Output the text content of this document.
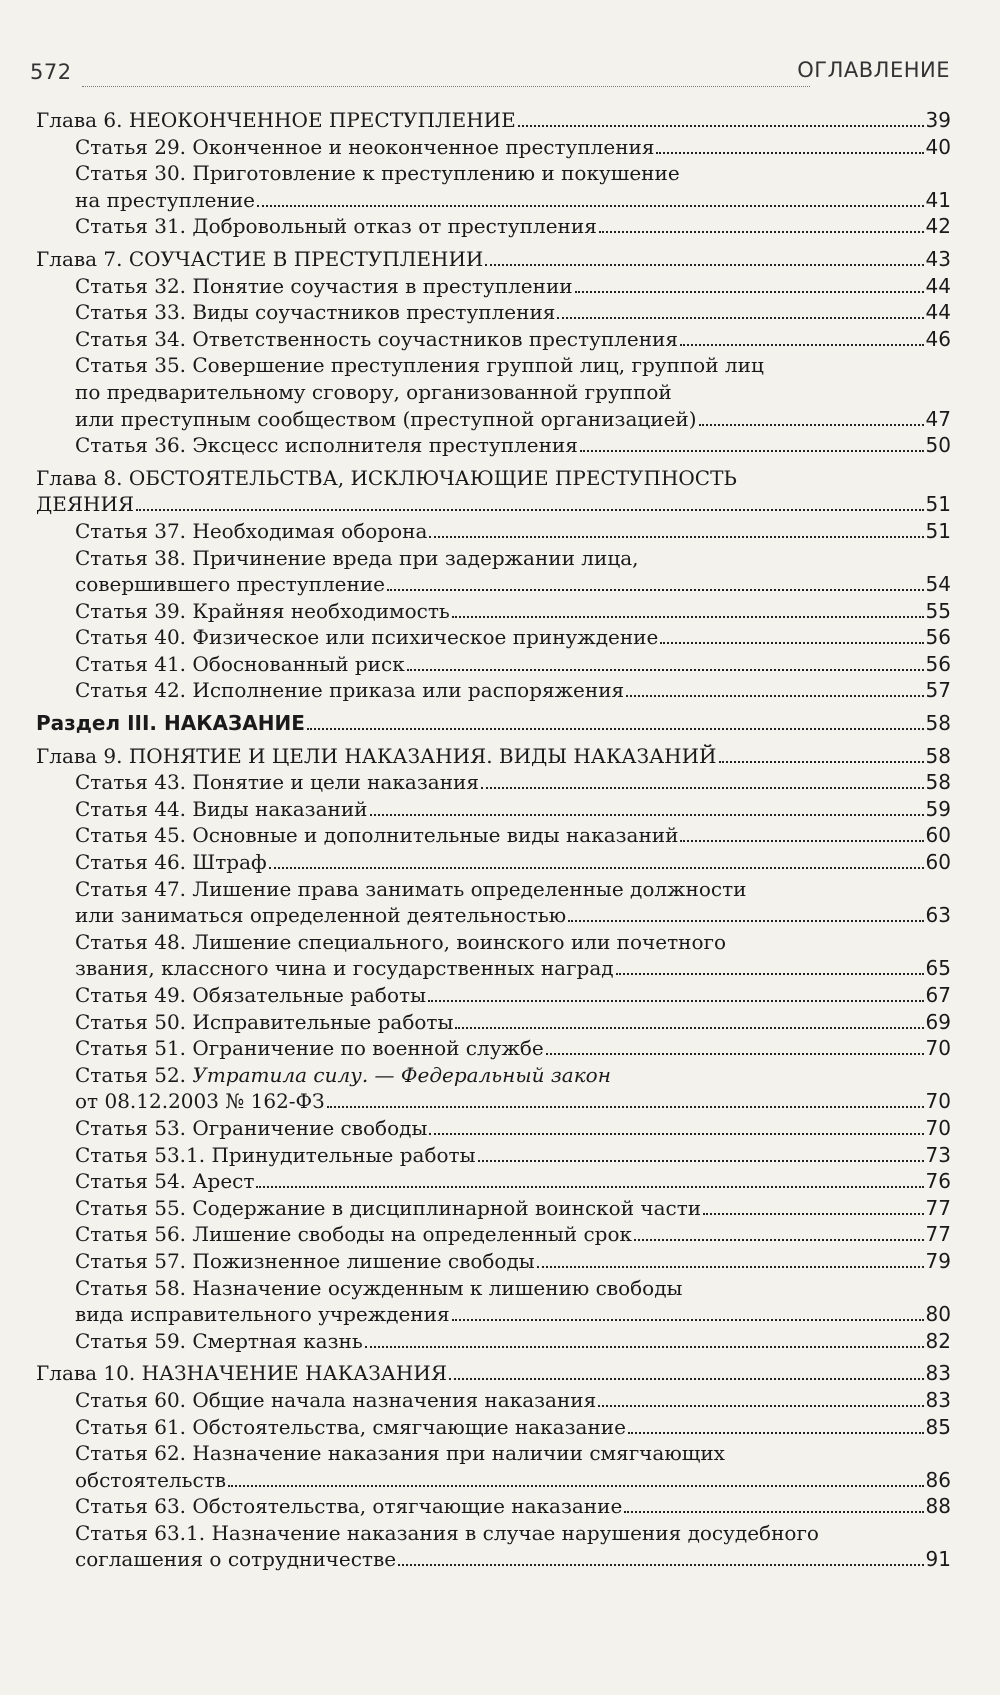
572	ОГЛАВЛЕНИЕ
Глава 6. НЕОКОНЧЕННОЕ ПРЕСТУПЛЕНИЕ	39
Статья 29. Оконченное и неоконченное преступления	40
Статья 30. Приготовление к преступлению и покушение
на преступление	41
Статья 31. Добровольный отказ от преступления	42
Глава 7. СОУЧАСТИЕ В ПРЕСТУПЛЕНИИ	43
Статья 32. Понятие соучастия в преступлении	44
Статья 33. Виды соучастников преступления	44
Статья 34. Ответственность соучастников преступления	46
Статья 35. Совершение преступления группой лиц, группой лиц
по предварительному сговору, организованной группой
или преступным сообществом (преступной организацией)	47
Статья 36. Эксцесс исполнителя преступления	50
Глава 8. ОБСТОЯТЕЛЬСТВА, ИСКЛЮЧАЮЩИЕ ПРЕСТУПНОСТЬ
ДЕЯНИЯ	51
Статья 37. Необходимая оборона	51
Статья 38. Причинение вреда при задержании лица,
совершившего преступление	54
Статья 39. Крайняя необходимость	55
Статья 40. Физическое или психическое принуждение	56
Статья 41. Обоснованный риск	56
Статья 42. Исполнение приказа или распоряжения	57
Раздел III. НАКАЗАНИЕ	58
Глава 9. ПОНЯТИЕ И ЦЕЛИ НАКАЗАНИЯ. ВИДЫ НАКАЗАНИЙ	58
Статья 43. Понятие и цели наказания	58
Статья 44. Виды наказаний	59
Статья 45. Основные и дополнительные виды наказаний	60
Статья 46. Штраф	60
Статья 47. Лишение права занимать определенные должности
или заниматься определенной деятельностью	63
Статья 48. Лишение специального, воинского или почетного
звания, классного чина и государственных наград	65
Статья 49. Обязательные работы	67
Статья 50. Исправительные работы	69
Статья 51. Ограничение по военной службе	70
Статья 52. Утратила силу. — Федеральный закон
от 08.12.2003 № 162-ФЗ	70
Статья 53. Ограничение свободы	70
Статья 53.1. Принудительные работы	73
Статья 54. Арест	76
Статья 55. Содержание в дисциплинарной воинской части	77
Статья 56. Лишение свободы на определенный срок	77
Статья 57. Пожизненное лишение свободы	79
Статья 58. Назначение осужденным к лишению свободы
вида исправительного учреждения	80
Статья 59. Смертная казнь	82
Глава 10. НАЗНАЧЕНИЕ НАКАЗАНИЯ	83
Статья 60. Общие начала назначения наказания	83
Статья 61. Обстоятельства, смягчающие наказание	85
Статья 62. Назначение наказания при наличии смягчающих
обстоятельств	86
Статья 63. Обстоятельства, отягчающие наказание	88
Статья 63.1. Назначение наказания в случае нарушения досудебного
соглашения о сотрудничестве	91
